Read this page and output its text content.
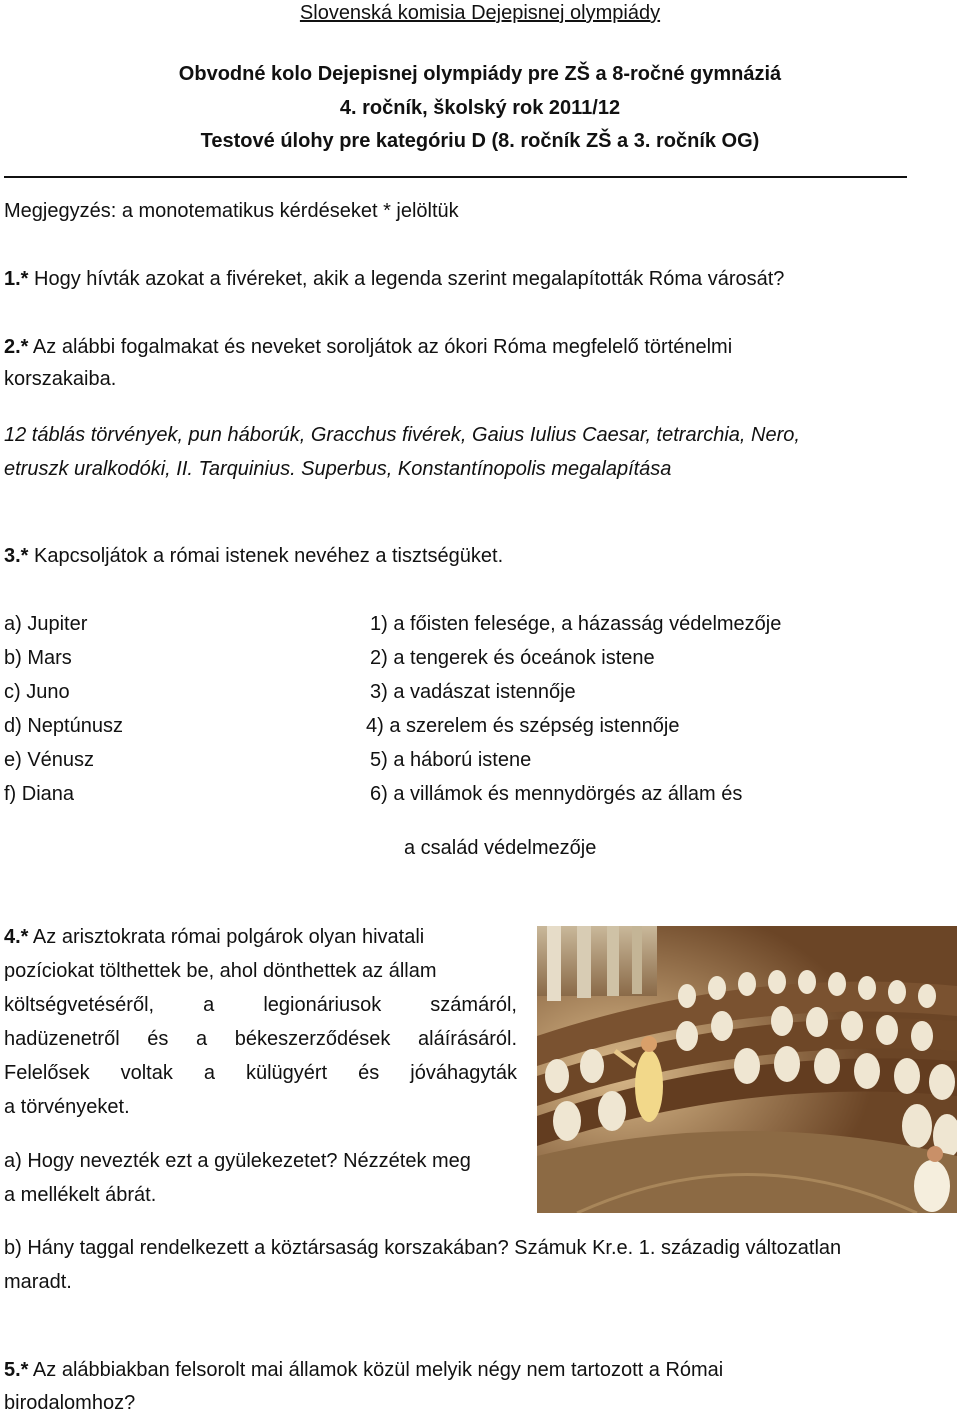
Slovenská komisia Dejepisnej olympiády
Obvodné kolo Dejepisnej olympiády pre ZŠ a 8-ročné gymnáziá
4. ročník, školský rok 2011/12
Testové úlohy pre kategóriu D (8. ročník ZŠ a 3. ročník OG)
Megjegyzés: a monotematikus kérdéseket * jelöltük
1.* Hogy hívták azokat a fivéreket, akik a legenda szerint megalapították Róma városát?
2.* Az alábbi fogalmakat és neveket soroljátok az ókori Róma megfelelő történelmi
korszakaiba.
12 táblás törvények, pun háborúk, Gracchus fivérek, Gaius Iulius Caesar, tetrarchia, Nero,
etruszk uralkodóki, II. Tarquinius. Superbus, Konstantínopolis megalapítása
3.* Kapcsoljátok a római istenek nevéhez a tisztségüket.
a) Jupiter
b) Mars
c) Juno
d) Neptúnusz
e) Vénusz
f) Diana
1) a főisten felesége, a házasság védelmezője
2) a tengerek és óceánok istene
3) a vadászat istennője
4) a szerelem és szépség istennője
5) a háború istene
6) a villámok és mennydörgés az állam és
a család védelmezője
4.* Az arisztokrata római polgárok olyan hivatali
pozíciokat tölthettek be, ahol dönthettek az állam
költségvetéséről, a legionáriusok számáról,
hadüzenetről és a békeszerződések aláírásáról.
Felelősek voltak a külügyért és jóváhagyták
a törvényeket.
a) Hogy nevezték ezt a gyülekezetet? Nézzétek meg
a mellékelt ábrát.
b) Hány taggal rendelkezett a köztársaság korszakában? Számuk Kr.e. 1. századig változatlan
maradt.
5.* Az alábbiakban felsorolt mai államok közül melyik négy nem tartozott a Római
birodalomhoz?
